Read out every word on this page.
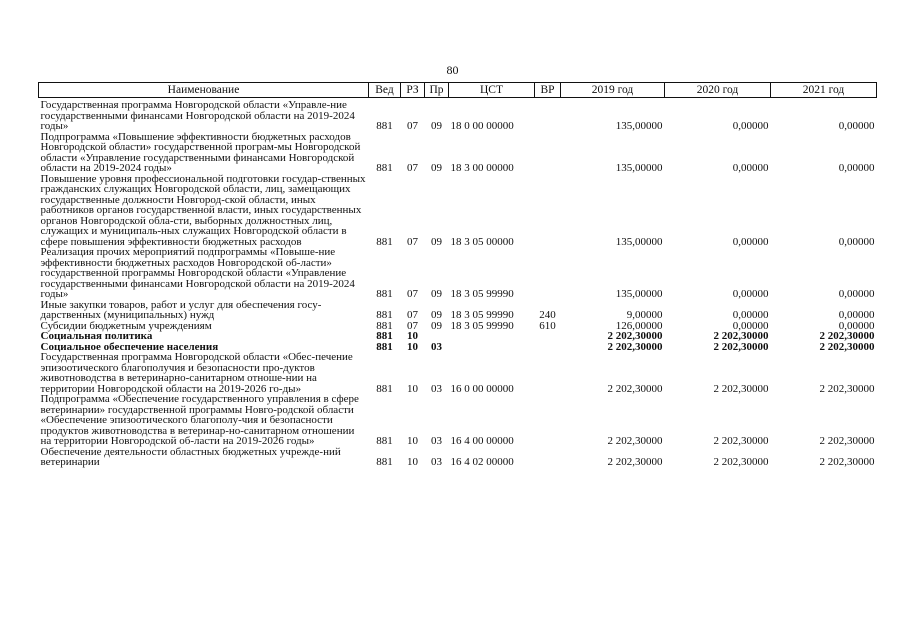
80
Наименование	Вед	РЗ	Пр	ЦСТ	ВР	2019 год	2020 год	2021 год
Государственная программа Новгородской области «Управле-ние государственными финансами Новгородской области на 2019-2024 годы»	881	07	09	18 0 00 00000		135,00000	0,00000	0,00000
Подпрограмма «Повышение эффективности бюджетных расходов Новгородской области» государственной програм-мы Новгородской области «Управление государственными финансами Новгородской области на 2019-2024 годы»	881	07	09	18 3 00 00000		135,00000	0,00000	0,00000
Повышение уровня профессиональной подготовки государ-ственных гражданских служащих Новгородской области, лиц, замещающих государственные должности Новгород-ской области, иных работников органов государственной власти, иных государственных органов Новгородской обла-сти, выборных должностных лиц, служащих и муниципаль-ных служащих Новгородской области в сфере повышения эффективности бюджетных расходов	881	07	09	18 3 05 00000		135,00000	0,00000	0,00000
Реализация прочих мероприятий подпрограммы «Повыше-ние эффективности бюджетных расходов Новгородской об-ласти» государственной программы Новгородской области «Управление государственными финансами Новгородской области на 2019-2024 годы»	881	07	09	18 3 05 99990		135,00000	0,00000	0,00000
Иные закупки товаров, работ и услуг для обеспечения госу-дарственных (муниципальных) нужд	881	07	09	18 3 05 99990	240	9,00000	0,00000	0,00000
Субсидии бюджетным учреждениям	881	07	09	18 3 05 99990	610	126,00000	0,00000	0,00000
Социальная политика	881	10				2 202,30000	2 202,30000	2 202,30000
Социальное обеспечение населения	881	10	03			2 202,30000	2 202,30000	2 202,30000
Государственная программа Новгородской области «Обес-печение эпизоотического благополучия и безопасности про-дуктов животноводства в ветеринарно-санитарном отноше-нии на территории Новгородской области на 2019-2026 го-ды»	881	10	03	16 0 00 00000		2 202,30000	2 202,30000	2 202,30000
Подпрограмма «Обеспечение государственного управления в сфере ветеринарии» государственной программы Новго-родской области «Обеспечение эпизоотического благополу-чия и безопасности продуктов животноводства в ветеринар-но-санитарном отношении на территории Новгородской об-ласти на 2019-2026 годы»	881	10	03	16 4 00 00000		2 202,30000	2 202,30000	2 202,30000
Обеспечение деятельности областных бюджетных учрежде-ний ветеринарии	881	10	03	16 4 02 00000		2 202,30000	2 202,30000	2 202,30000
